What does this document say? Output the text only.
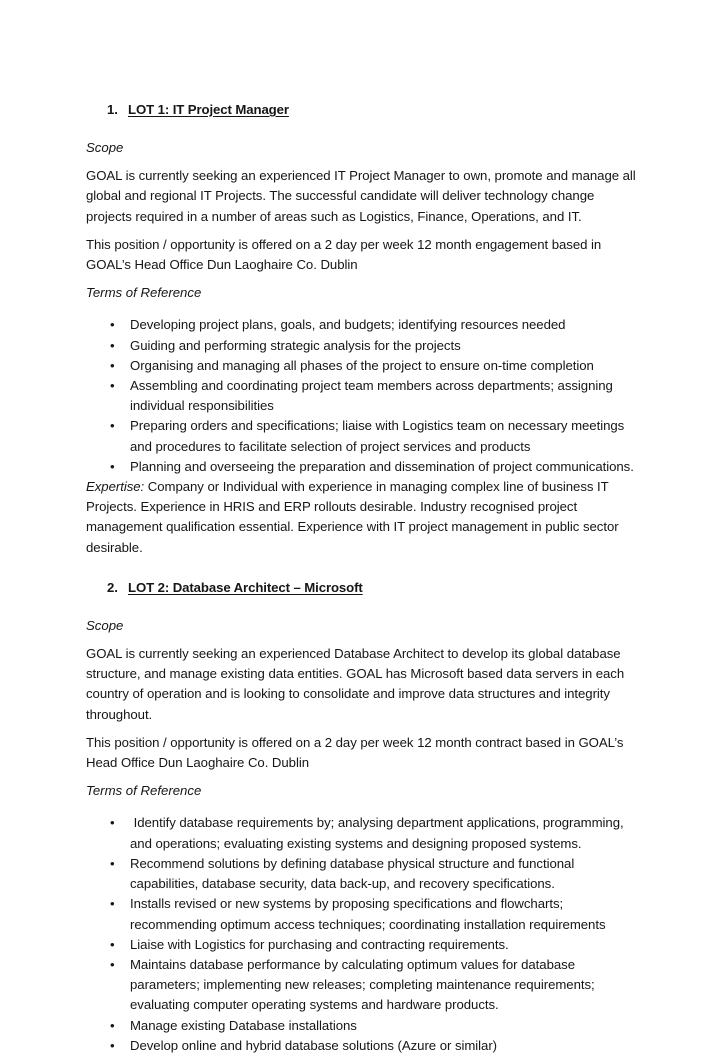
1. LOT 1: IT Project Manager

Scope

GOAL is currently seeking an experienced IT Project Manager to own, promote and manage all global and regional IT Projects. The successful candidate will deliver technology change projects required in a number of areas such as Logistics, Finance, Operations, and IT.

This position / opportunity is offered on a 2 day per week 12 month engagement based in GOAL’s Head Office Dun Laoghaire Co. Dublin

Terms of Reference

• Developing project plans, goals, and budgets; identifying resources needed
• Guiding and performing strategic analysis for the projects
• Organising and managing all phases of the project to ensure on-time completion
• Assembling and coordinating project team members across departments; assigning individual responsibilities
• Preparing orders and specifications; liaise with Logistics team on necessary meetings and procedures to facilitate selection of project services and products
• Planning and overseeing the preparation and dissemination of project communications.

Expertise: Company or Individual with experience in managing complex line of business IT Projects. Experience in HRIS and ERP rollouts desirable. Industry recognised project management qualification essential. Experience with IT project management in public sector desirable.

2. LOT 2: Database Architect – Microsoft

Scope

GOAL is currently seeking an experienced Database Architect to develop its global database structure, and manage existing data entities. GOAL has Microsoft based data servers in each country of operation and is looking to consolidate and improve data structures and integrity throughout.

This position / opportunity is offered on a 2 day per week 12 month contract based in GOAL’s Head Office Dun Laoghaire Co. Dublin

Terms of Reference

• Identify database requirements by; analysing department applications, programming, and operations; evaluating existing systems and designing proposed systems.
• Recommend solutions by defining database physical structure and functional capabilities, database security, data back-up, and recovery specifications.
• Installs revised or new systems by proposing specifications and flowcharts; recommending optimum access techniques; coordinating installation requirements
• Liaise with Logistics for purchasing and contracting requirements.
• Maintains database performance by calculating optimum values for database parameters; implementing new releases; completing maintenance requirements; evaluating computer operating systems and hardware products.
• Manage existing Database installations
• Develop online and hybrid database solutions (Azure or similar)
